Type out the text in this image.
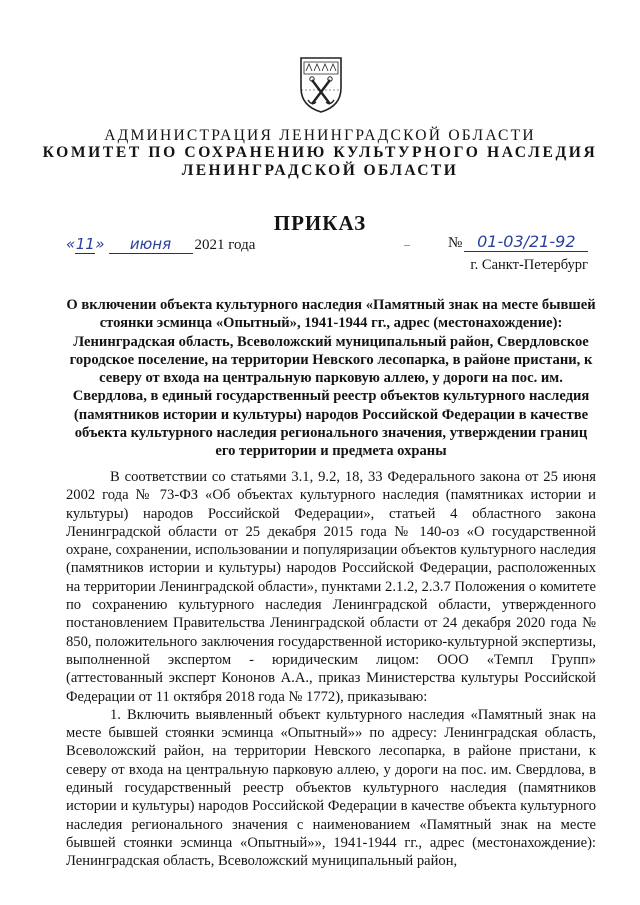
АДМИНИСТРАЦИЯ ЛЕНИНГРАДСКОЙ ОБЛАСТИ
КОМИТЕТ ПО СОХРАНЕНИЮ КУЛЬТУРНОГО НАСЛЕДИЯ
ЛЕНИНГРАДСКОЙ ОБЛАСТИ
ПРИКАЗ
«11» июня 2021 года	№ 01-03/21-92
г. Санкт-Петербург
О включении объекта культурного наследия «Памятный знак на месте бывшей стоянки эсминца «Опытный», 1941-1944 гг., адрес (местонахождение): Ленинградская область, Всеволожский муниципальный район, Свердловское городское поселение, на территории Невского лесопарка, в районе пристани, к северу от входа на центральную парковую аллею, у дороги на пос. им. Свердлова, в единый государственный реестр объектов культурного наследия (памятников истории и культуры) народов Российской Федерации в качестве объекта культурного наследия регионального значения, утверждении границ его территории и предмета охраны

В соответствии со статьями 3.1, 9.2, 18, 33 Федерального закона от 25 июня 2002 года № 73-ФЗ «Об объектах культурного наследия (памятниках истории и культуры) народов Российской Федерации», статьей 4 областного закона Ленинградской области от 25 декабря 2015 года № 140-оз «О государственной охране, сохранении, использовании и популяризации объектов культурного наследия (памятников истории и культуры) народов Российской Федерации, расположенных на территории Ленинградской области», пунктами 2.1.2, 2.3.7 Положения о комитете по сохранению культурного наследия Ленинградской области, утвержденного постановлением Правительства Ленинградской области от 24 декабря 2020 года № 850, положительного заключения государственной историко-культурной экспертизы, выполненной экспертом - юридическим лицом: ООО «Темпл Групп» (аттестованный эксперт Кононов А.А., приказ Министерства культуры Российской Федерации от 11 октября 2018 года № 1772), приказываю:

1. Включить выявленный объект культурного наследия «Памятный знак на месте бывшей стоянки эсминца «Опытный»» по адресу: Ленинградская область, Всеволожский район, на территории Невского лесопарка, в районе пристани, к северу от входа на центральную парковую аллею, у дороги на пос. им. Свердлова, в единый государственный реестр объектов культурного наследия (памятников истории и культуры) народов Российской Федерации в качестве объекта культурного наследия регионального значения с наименованием «Памятный знак на месте бывшей стоянки эсминца «Опытный»», 1941-1944 гг., адрес (местонахождение): Ленинградская область, Всеволожский муниципальный район,
